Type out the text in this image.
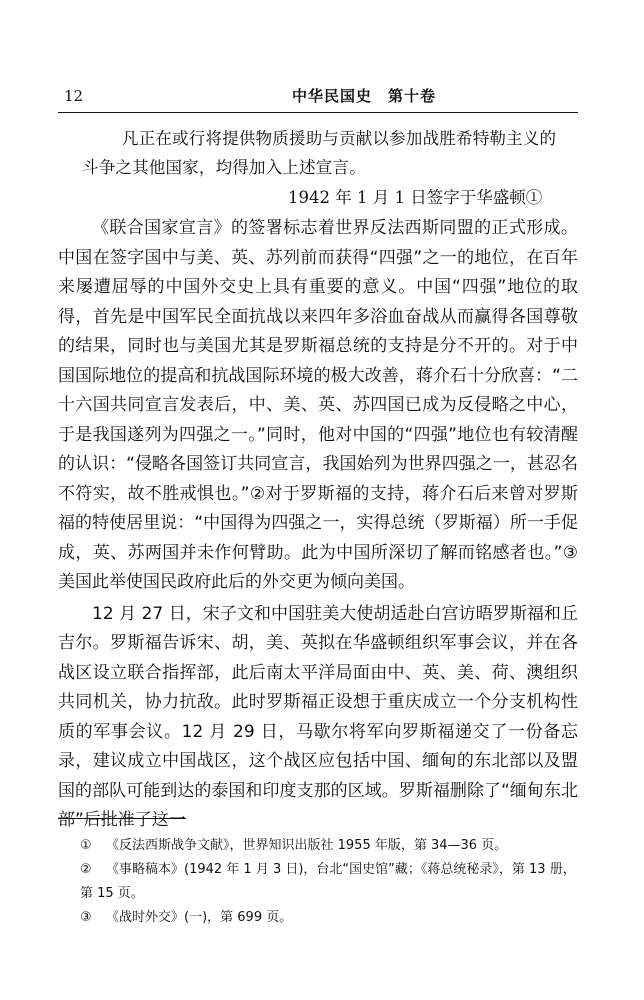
12	中华民国史　第十卷
凡正在或行将提供物质援助与贡献以参加战胜希特勒主义的
斗争之其他国家，均得加入上述宣言。
1942 年 1 月 1 日签字于华盛顿①

《联合国家宣言》的签署标志着世界反法西斯同盟的正式形成。中国在签字国中与美、英、苏列前而获得“四强”之一的地位，在百年来屡遭屈辱的中国外交史上具有重要的意义。中国“四强”地位的取得，首先是中国军民全面抗战以来四年多浴血奋战从而赢得各国尊敬的结果，同时也与美国尤其是罗斯福总统的支持是分不开的。对于中国国际地位的提高和抗战国际环境的极大改善，蒋介石十分欣喜：“二十六国共同宣言发表后，中、美、英、苏四国已成为反侵略之中心，于是我国遂列为四强之一。”同时，他对中国的“四强”地位也有较清醒的认识：“侵略各国签订共同宣言，我国始列为世界四强之一，甚忍名不符实，故不胜戒惧也。”②对于罗斯福的支持，蒋介石后来曾对罗斯福的特使居里说：“中国得为四强之一，实得总统（罗斯福）所一手促成，英、苏两国并未作何臂助。此为中国所深切了解而铭感者也。”③美国此举使国民政府此后的外交更为倾向美国。

12 月 27 日，宋子文和中国驻美大使胡适赴白宫访晤罗斯福和丘吉尔。罗斯福告诉宋、胡，美、英拟在华盛顿组织军事会议，并在各战区设立联合指挥部，此后南太平洋局面由中、英、美、荷、澳组织共同机关，协力抗敌。此时罗斯福正设想于重庆成立一个分支机构性质的军事会议。12 月 29 日，马歇尔将军向罗斯福递交了一份备忘录，建议成立中国战区，这个战区应包括中国、缅甸的东北部以及盟国的部队可能到达的泰国和印度支那的区域。罗斯福删除了“缅甸东北部”后批准了这一

① 《反法西斯战争文献》，世界知识出版社 1955 年版，第 34—36 页。
② 《事略稿本》(1942 年 1 月 3 日)，台北“国史馆”藏；《蒋总统秘录》，第 13 册，第 15 页。
③ 《战时外交》(一)，第 699 页。
